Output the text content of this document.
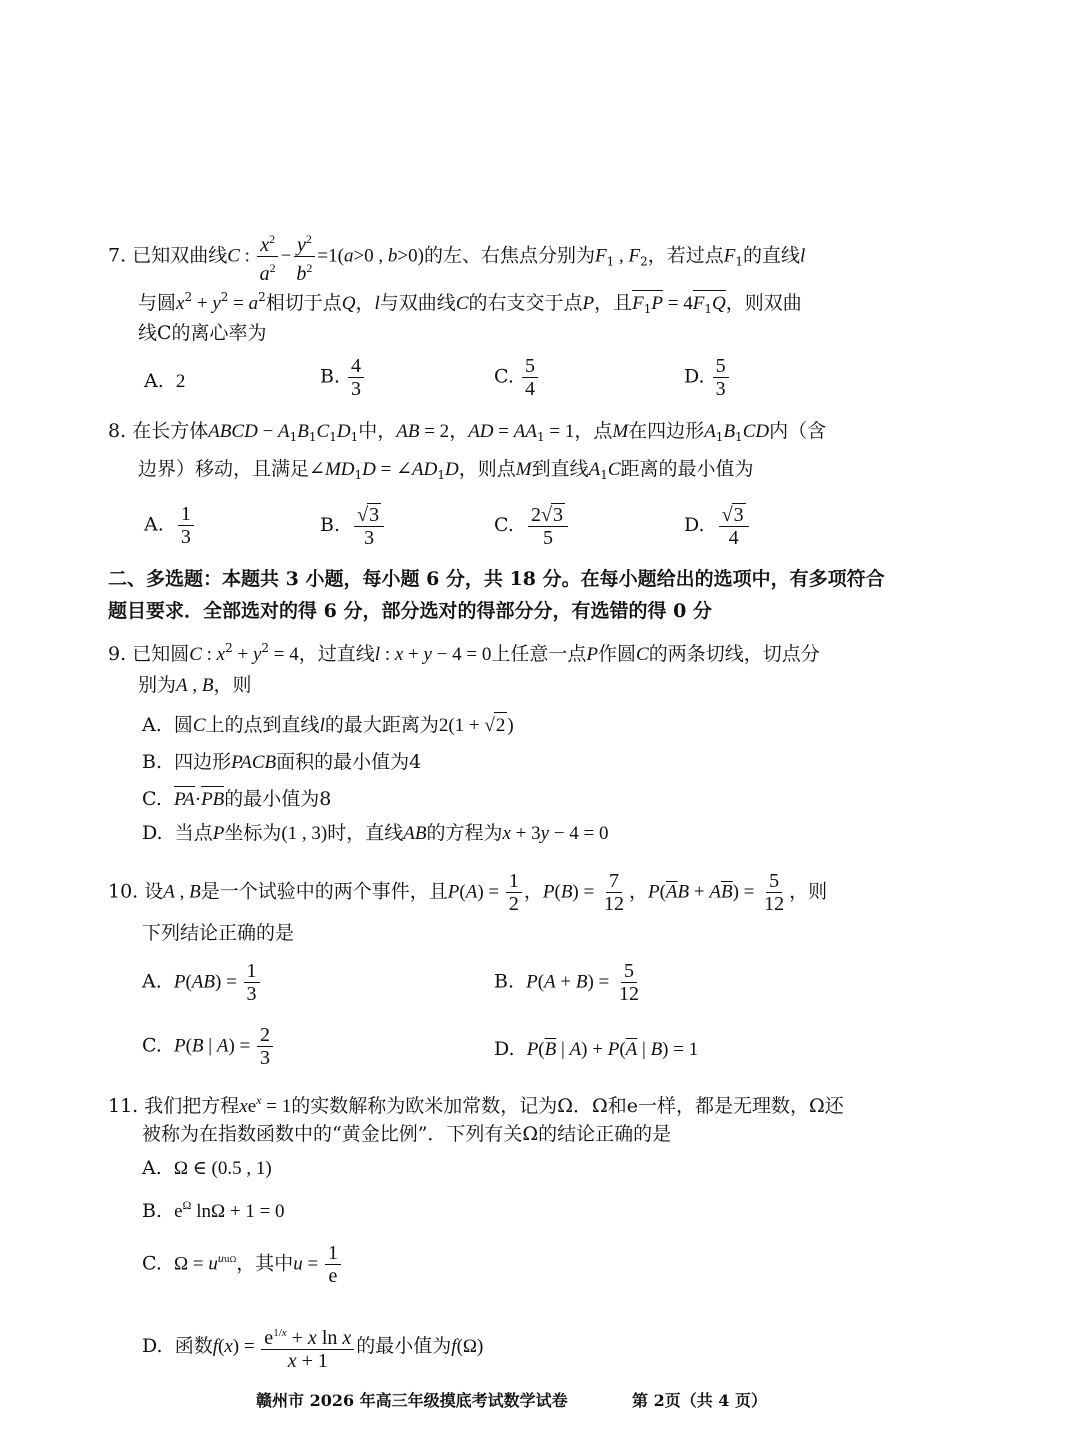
7. 已知双曲线C : $\frac{x^2}{a^2} - \frac{y^2}{b^2} =1(a>0$ , b>0)的左、右焦点分别为$F_1$ , $F_2$，若过点$F_1$的直线l
与圆$x^2 + y^2 = a^2$相切于点Q，l与双曲线C的右支交于点P，且$F_1P = 4F_1Q$，则双曲
线C的离心率为
A.  2	B. $\frac{4}{3}$	C. $\frac{5}{4}$	D. $\frac{5}{3}$
8. 在长方体ABCD − $A_1B_1C_1D_1$中，AB = 2，AD = $AA_1 = 1$，点M在四边形$A_1B_1CD$内（含
边界）移动，且满足$\angle MD_1D$ = $\angle AD_1D$，则点M到直线$A_1C$距离的最小值为
A. $\frac{1}{3}$	B. $\frac{√3}{3}$	C. $\frac{2√3}{5}$	D. $\frac{√3}{4}$
二、多选题：本题共 3 小题，每小题 6 分，共 18 分。在每小题给出的选项中，有多项符合
题目要求．全部选对的得 6 分，部分选对的得部分分，有选错的得 0 分
9. 已知圆C : $x^2 + y^2 = 4$，过直线l : x + y − 4 = 0上任意一点P作圆C的两条切线，切点分
别为A , B，则
A.  圆C上的点到直线l的最大距离为2(1 + √2 )
B.  四边形PACB面积的最小值为4
C.  PA·PB的最小值为8
D.  当点P坐标为(1 , 3)时，直线AB的方程为x + 3y − 4 = 0
10. 设A , B是一个试验中的两个事件，且$P(A) = \frac{1}{2}$ ，$P(B) = \frac{7}{12}$ ，$P(\overline{A}B + A\overline{B}) = \frac{5}{12}$ ，则
下列结论正确的是
A.  $P(AB) = \frac{1}{3}$	B.  $P(A + B) = \frac{5}{12}$
C.  P(B | $A) = \frac{2}{3}$	D.  $P(\overline{B}$ | $A) + P(\overline{A}$ | B) = 1
11. 我们把方程$xe^x = 1$的实数解称为欧米加常数，记为Ω．Ω和e一样，都是无理数，Ω还
被称为在指数函数中的“黄金比例”．下列有关Ω的结论正确的是
A.  Ω ∈ (0.5 , 1)
B.  $e^\Omega$ lnΩ + 1 = 0
C.  $\Omega = u^{uu\Omega}$，其中$u = \frac{1}{e}$
D.  函数$f(x) = \frac{e^{1/x} + x \ln x}{x + 1}$ 的最小值为f(Ω)
赣州市 2026 年高三年级摸底考试数学试卷	第 2页（共 4 页）
